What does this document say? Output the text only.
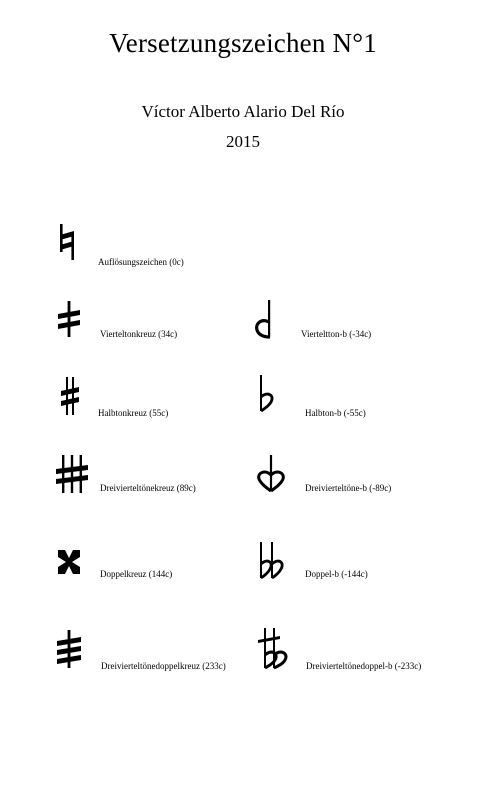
Versetzungszeichen N°1
Víctor Alberto Alario Del Río
2015
Auflösungszeichen (0c)
Vierteltonkreuz (34c)	Vierteltton-b (-34c)
Halbtonkreuz (55c)	Halbton-b (-55c)
Dreivierteltönekreuz (89c)	Dreivierteltöne-b (-89c)
Doppelkreuz (144c)	Doppel-b (-144c)
Dreivierteltönedoppelkreuz (233c)	Dreivierteltönedoppel-b (-233c)
